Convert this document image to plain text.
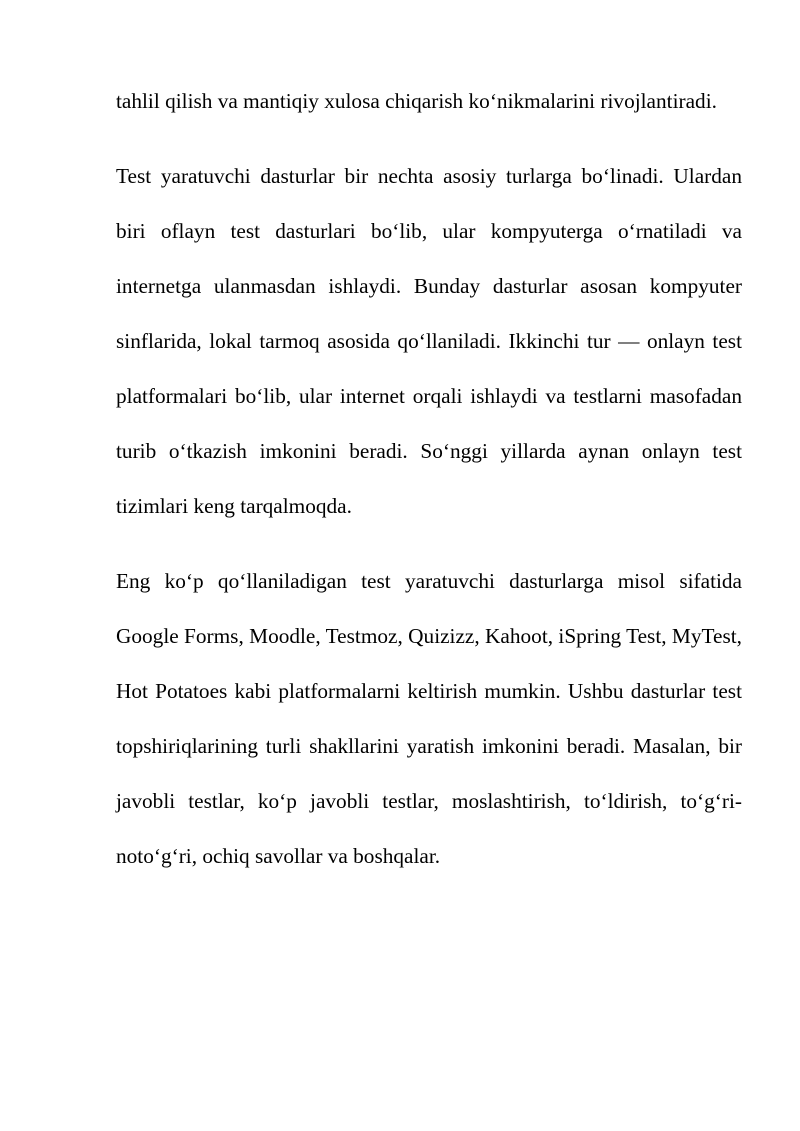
tahlil qilish va mantiqiy xulosa chiqarish ko‘nikmalarini rivojlantiradi.

Test yaratuvchi dasturlar bir nechta asosiy turlarga bo‘linadi. Ulardan biri oflayn test dasturlari bo‘lib, ular kompyuterga o‘rnatiladi va internetga ulanmasdan ishlaydi. Bunday dasturlar asosan kompyuter sinflarida, lokal tarmoq asosida qo‘llaniladi. Ikkinchi tur — onlayn test platformalari bo‘lib, ular internet orqali ishlaydi va testlarni masofadan turib o‘tkazish imkonini beradi. So‘nggi yillarda aynan onlayn test tizimlari keng tarqalmoqda.

Eng ko‘p qo‘llaniladigan test yaratuvchi dasturlarga misol sifatida Google Forms, Moodle, Testmoz, Quizizz, Kahoot, iSpring Test, MyTest, Hot Potatoes kabi platformalarni keltirish mumkin. Ushbu dasturlar test topshiriqlarining turli shakllarini yaratish imkonini beradi. Masalan, bir javobli testlar, ko‘p javobli testlar, moslashtirish, to‘ldirish, to‘g‘ri-noto‘g‘ri, ochiq savollar va boshqalar.
